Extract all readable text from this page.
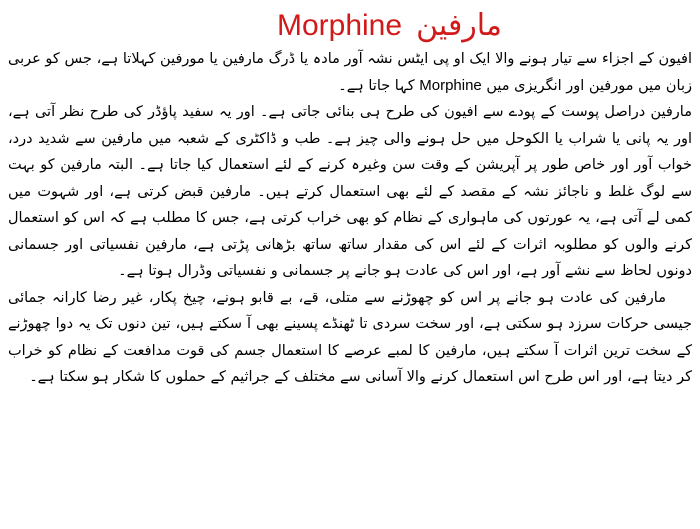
مارفینMorphine

افیون کے اجزاء سے تیار ہونے والا ایک او پی ایٹس نشہ آور مادہ یا ڈرگ مارفین یا مورفین کہلاتا ہے، جس کو عربی زبان میں مورفین اور انگریزی میں Morphine کہا جاتا ہے۔

مارفین دراصل پوست کے پودے سے افیون کی طرح ہی بنائی جاتی ہے۔ اور یہ سفید پاؤڈر کی طرح نظر آتی ہے، اور یہ پانی یا شراب یا الکوحل میں حل ہونے والی چیز ہے۔ طب و ڈاکٹری کے شعبہ میں مارفین سے شدید درد، خواب آور اور خاص طور پر آپریشن کے وقت سن وغیرہ کرنے کے لئے استعمال کیا جاتا ہے۔ البتہ مارفین کو بہت سے لوگ غلط و ناجائز نشہ کے مقصد کے لئے بھی استعمال کرتے ہیں۔ مارفین قبض کرتی ہے، اور شہوت میں کمی لے آتی ہے، یہ عورتوں کی ماہواری کے نظام کو بھی خراب کرتی ہے، جس کا مطلب ہے کہ اس کو استعمال کرنے والوں کو مطلوبہ اثرات کے لئے اس کی مقدار ساتھ ساتھ بڑھانی پڑتی ہے، مارفین نفسیاتی اور جسمانی دونوں لحاظ سے نشے آور ہے، اور اس کی عادت ہو جانے پر جسمانی و نفسیاتی وڈرال ہوتا ہے۔

مارفین کی عادت ہو جانے پر اس کو چھوڑنے سے متلی، قے، بے قابو ہونے، چیخ پکار، غیر رضا کارانہ جمائی جیسی حرکات سرزد ہو سکتی ہے، اور سخت سردی تا ٹھنڈے پسینے بھی آ سکتے ہیں، تین دنوں تک یہ دوا چھوڑنے کے سخت ترین اثرات آ سکتے ہیں، مارفین کا لمبے عرصے کا استعمال جسم کی قوت مدافعت کے نظام کو خراب کر دیتا ہے، اور اس طرح اس استعمال کرنے والا آسانی سے مختلف کے جراثیم کے حملوں کا شکار ہو سکتا ہے۔
